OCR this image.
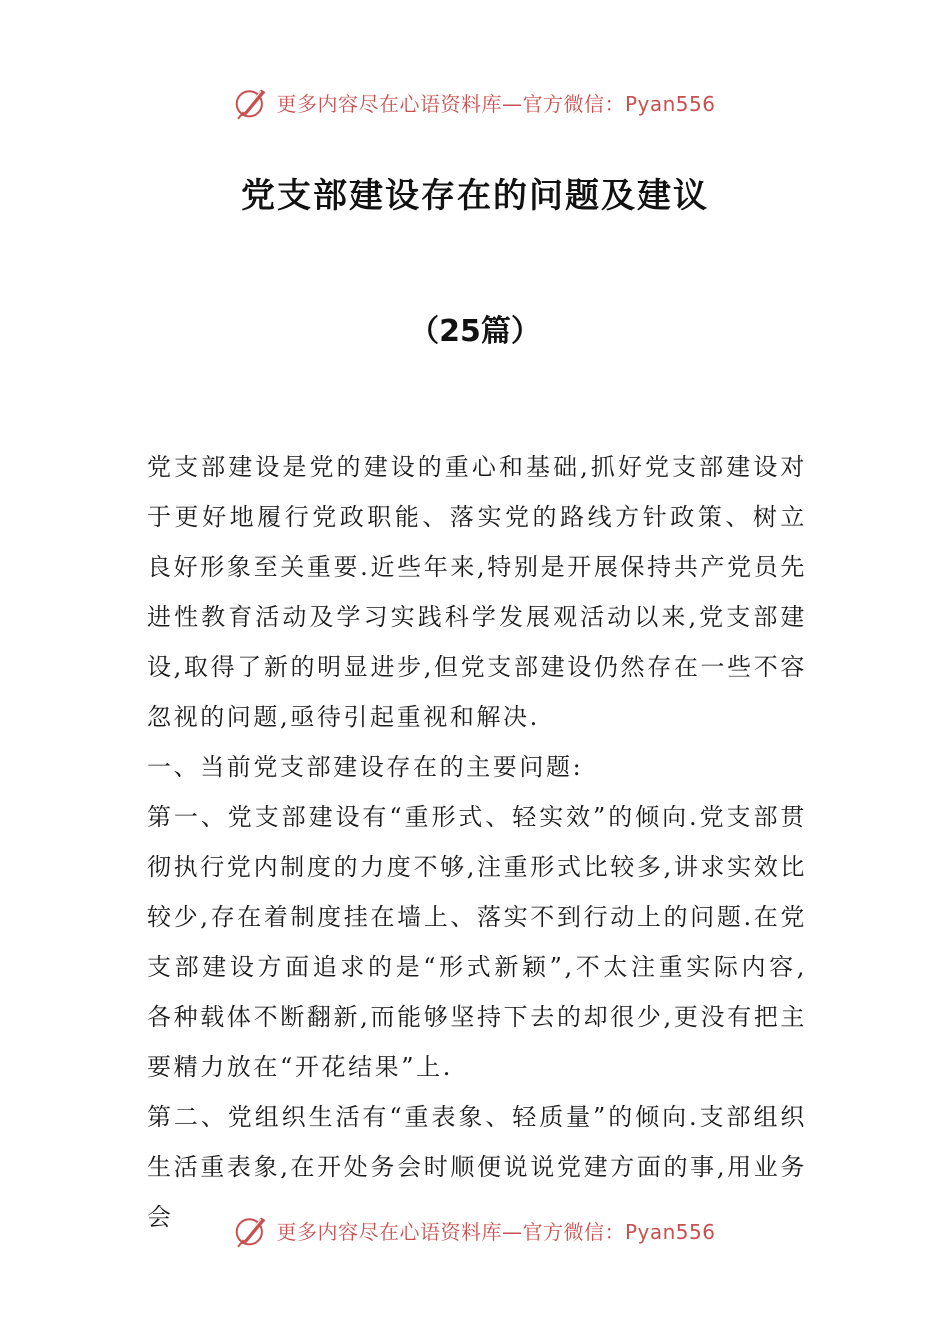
更多内容尽在心语资料库—官方微信：Pyan556
党支部建设存在的问题及建议
（25篇）

党支部建设是党的建设的重心和基础,抓好党支部建设对于更好地履行党政职能、落实党的路线方针政策、树立良好形象至关重要.近些年来,特别是开展保持共产党员先进性教育活动及学习实践科学发展观活动以来,党支部建设,取得了新的明显进步,但党支部建设仍然存在一些不容忽视的问题,亟待引起重视和解决.

一、当前党支部建设存在的主要问题:

第一、党支部建设有“重形式、轻实效”的倾向.党支部贯彻执行党内制度的力度不够,注重形式比较多,讲求实效比较少,存在着制度挂在墙上、落实不到行动上的问题.在党支部建设方面追求的是“形式新颖”,不太注重实际内容,各种载体不断翻新,而能够坚持下去的却很少,更没有把主要精力放在“开花结果”上.

第二、党组织生活有“重表象、轻质量”的倾向.支部组织生活重表象,在开处务会时顺便说说党建方面的事,用业务会

更多内容尽在心语资料库—官方微信：Pyan556
